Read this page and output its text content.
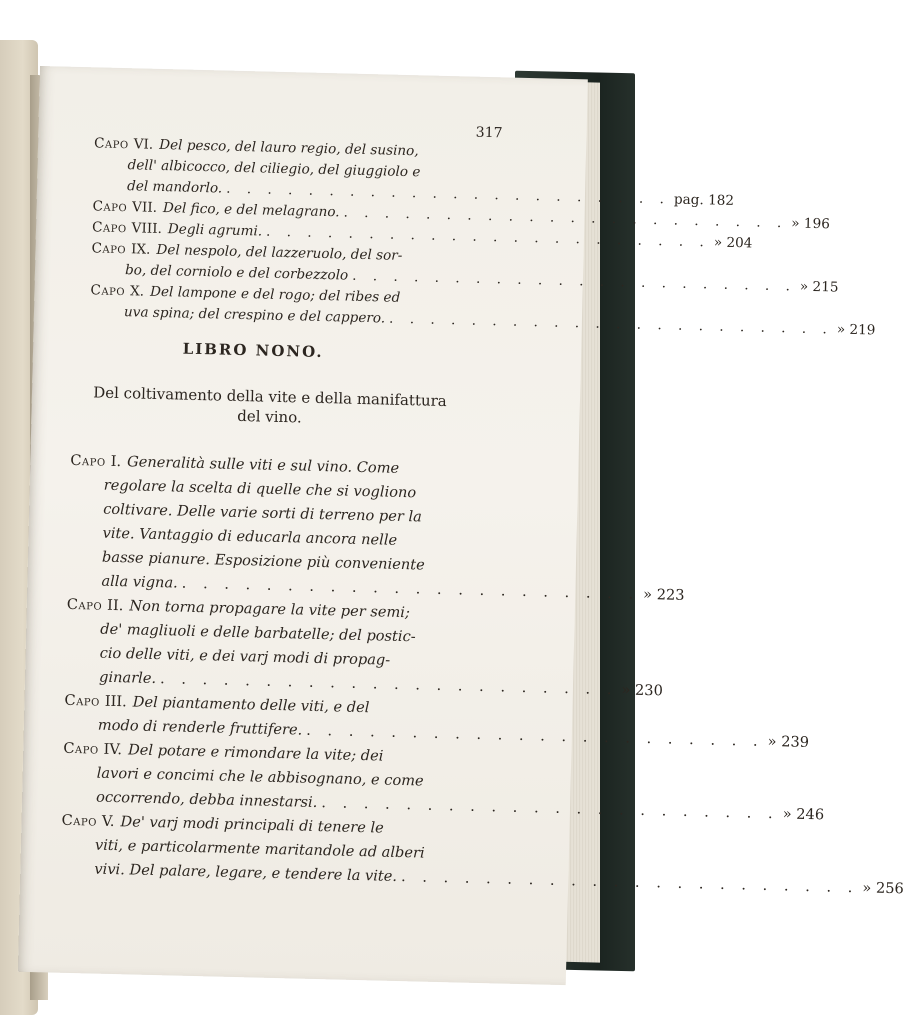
317
Capo VI. Del pesco, del lauro regio, del susino,
dell' albicocco, del ciliegio, del giuggiolo e
del mandorlo. . . . . . . . . . . . . . . . . . . . . . . pag. 182
Capo VII. Del fico, e del melagrano. . . . . . . . . . . . . . . . . . . . . . . » 196
Capo VIII. Degli agrumi. . . . . . . . . . . . . . . . . . . . . . . » 204
Capo IX. Del nespolo, del lazzeruolo, del sor-
bo, del corniolo e del corbezzolo . . . . . . . . . . . . . . . . . . . . . . » 215
Capo X. Del lampone e del rogo; del ribes ed
uva spina; del crespino e del cappero. . . . . . . . . . . . . . . . . . . . . . . » 219
LIBRO NONO.
Del coltivamento della vite e della manifattura
del vino.
Capo I. Generalità sulle viti e sul vino. Come
regolare la scelta di quelle che si vogliono
coltivare. Delle varie sorti di terreno per la
vite. Vantaggio di educarla ancora nelle
basse pianure. Esposizione più conveniente
alla vigna. . . . . . . . . . . . . . . . . . . . . . . » 223
Capo II. Non torna propagare la vite per semi;
de' magliuoli e delle barbatelle; del postic-
cio delle viti, e dei varj modi di propag-
ginarle. . . . . . . . . . . . . . . . . . . . . . . » 230
Capo III. Del piantamento delle viti, e del
modo di renderle fruttifere. . . . . . . . . . . . . . . . . . . . . . . » 239
Capo IV. Del potare e rimondare la vite; dei
lavori e concimi che le abbisognano, e come
occorrendo, debba innestarsi. . . . . . . . . . . . . . . . . . . . . . . » 246
Capo V. De' varj modi principali di tenere le
viti, e particolarmente maritandole ad alberi
vivi. Del palare, legare, e tendere la vite. . . . . . . . . . . . . . . . . . . . . . . » 256
